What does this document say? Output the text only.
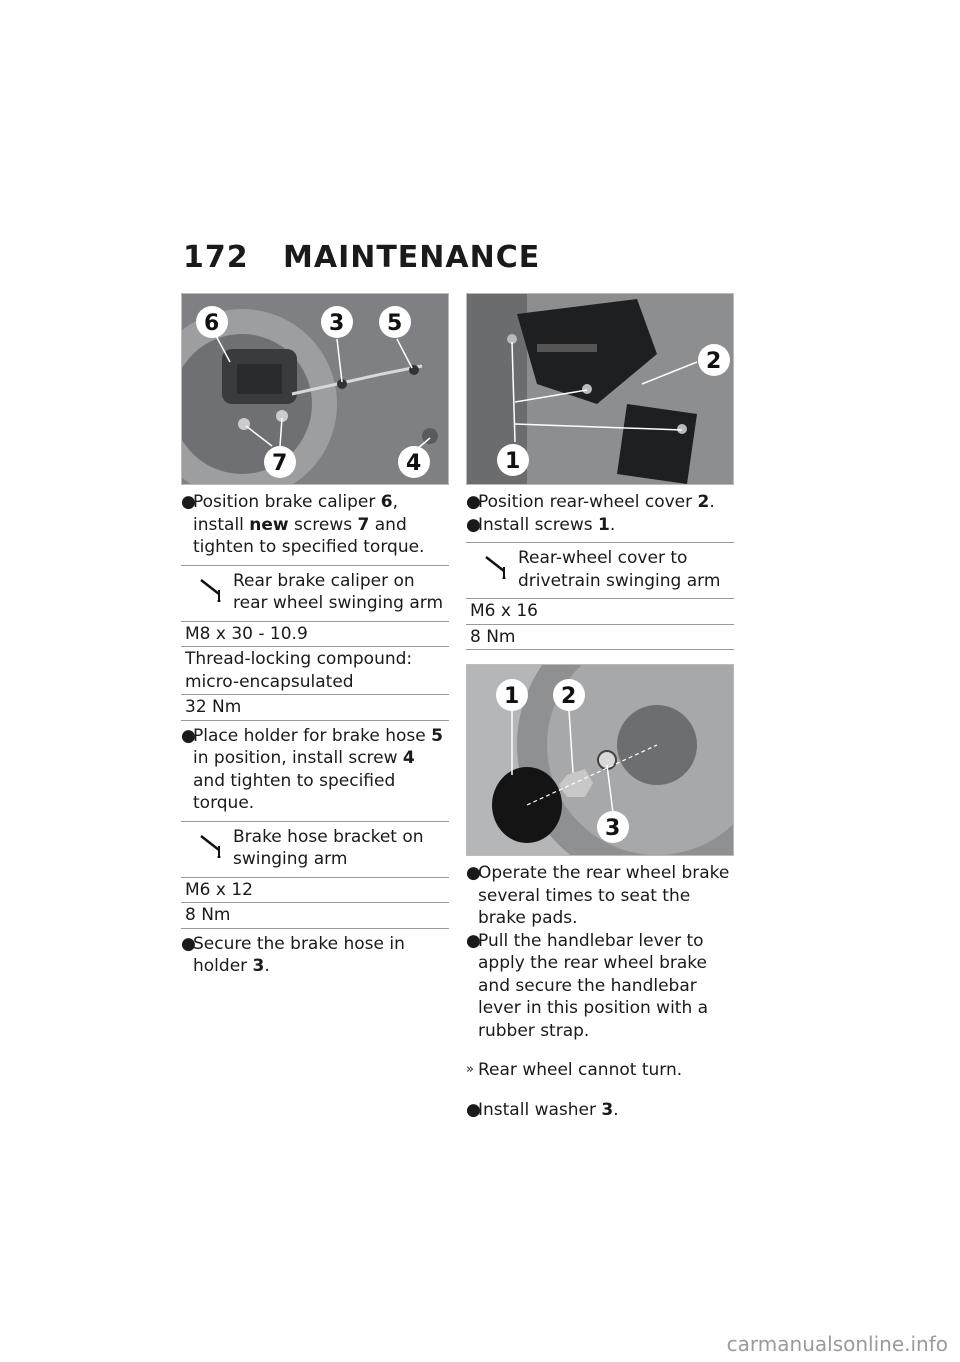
172 MAINTENANCE
6	3 5
7	4

●
Position brake caliper 6, install new screws 7 and tighten to specified torque.

Rear brake caliper on rear wheel swinging arm
M8 x 30 - 10.9
Thread-locking compound: micro-encapsulated
32 Nm

●
Place holder for brake hose 5 in position, install screw 4 and tighten to specified torque.

Brake hose bracket on swinging arm
M6 x 12
8 Nm

●
Secure the brake hose in holder 3.

2
1

●
Position rear-wheel cover 2.

●
Install screws 1.

Rear-wheel cover to drivetrain swinging arm
M6 x 16
8 Nm
1 2
3

●
Operate the rear wheel brake several times to seat the brake pads.

●
Pull the handlebar lever to apply the rear wheel brake and secure the handlebar lever in this position with a rubber strap.

» Rear wheel cannot turn.

●
Install washer 3.

carmanualsonline.info
